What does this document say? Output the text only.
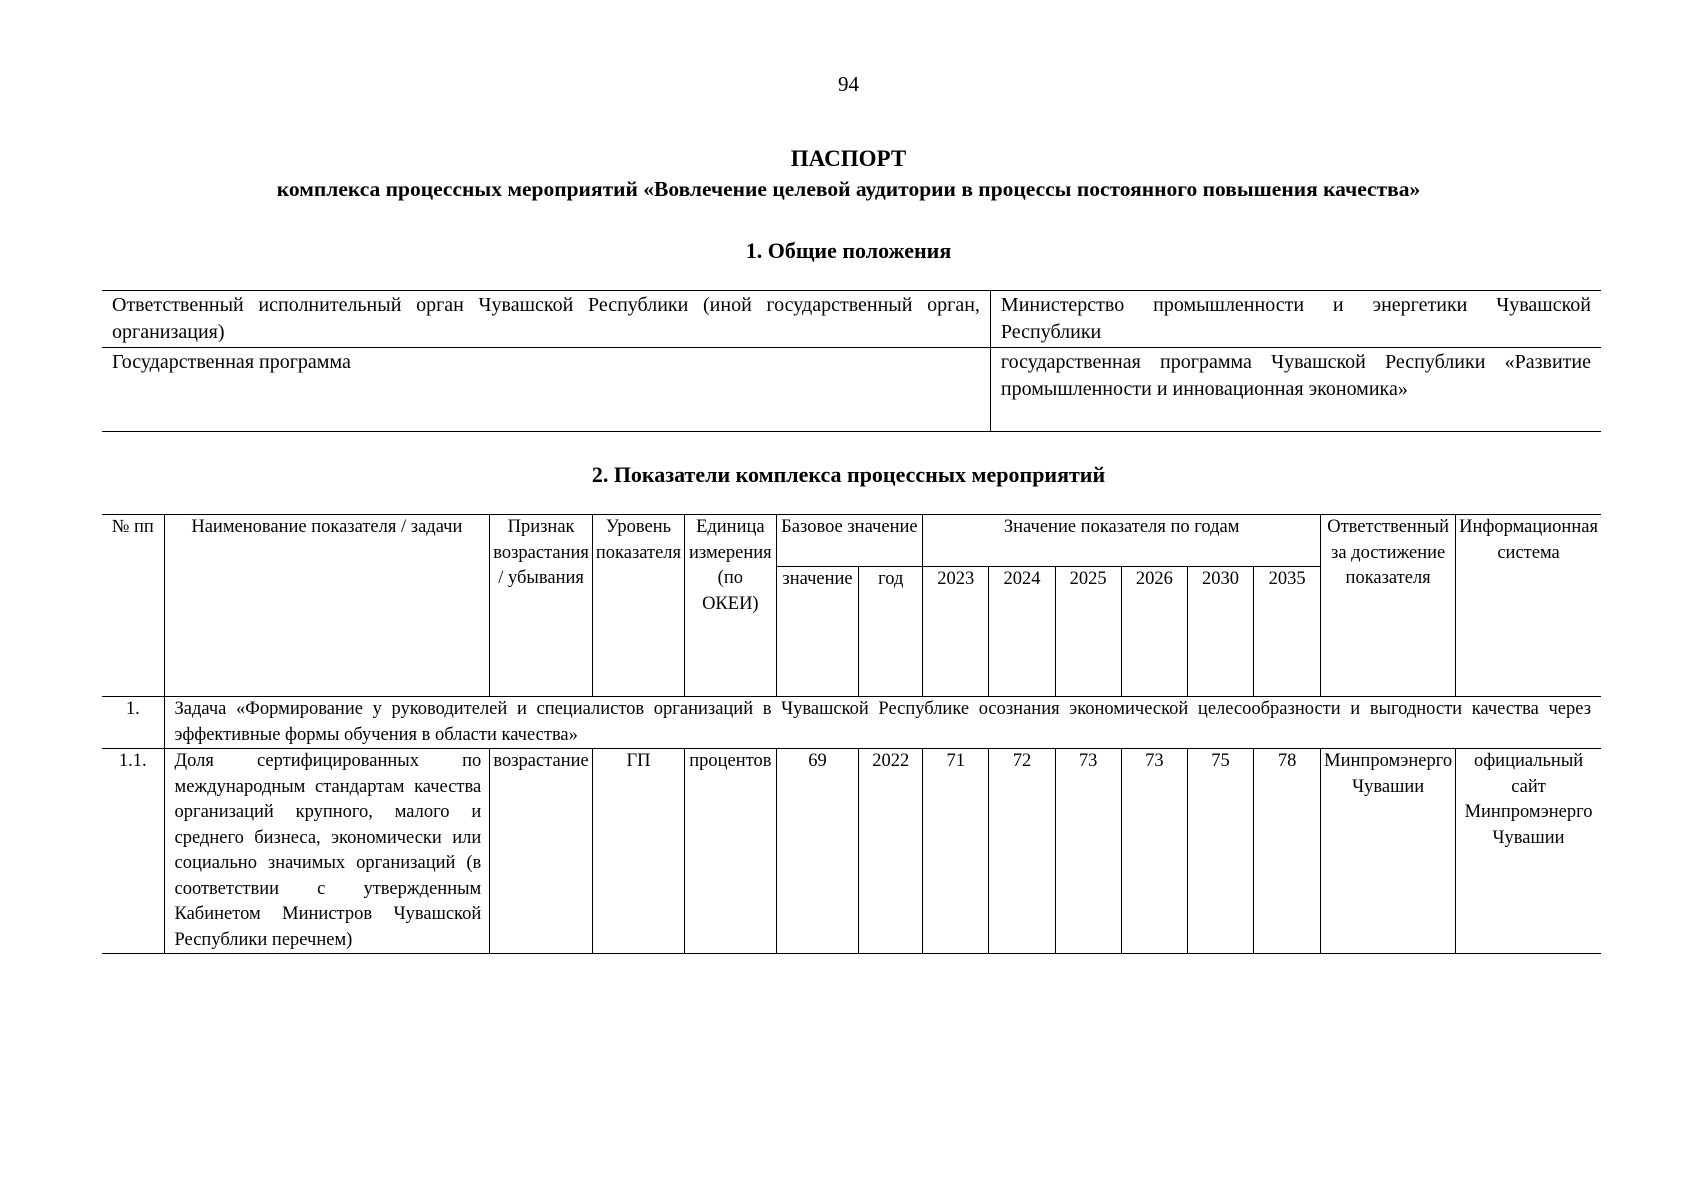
94
ПАСПОРТ
комплекса процессных мероприятий «Вовлечение целевой аудитории в процессы постоянного повышения качества»
1. Общие положения
Ответственный исполнительный орган Чувашской Республики (иной государственный орган, организация)	Министерство промышленности и энергетики Чувашской Республики
Государственная программа	государственная программа Чувашской Республики «Развитие промышленности и инновационная экономика»
2. Показатели комплекса процессных мероприятий
№ пп	Наименование показателя / задачи	Признак возрастания / убывания	Уровень показателя	Единица измерения (по ОКЕИ)	Базовое значение		Значение показателя по годам						Ответственный за достижение показателя	Информационная система
					значение	год	2023	2024	2025	2026	2030	2035		
1.	Задача «Формирование у руководителей и специалистов организаций в Чувашской Республике осознания экономической целесообразности и выгодности качества через эффективные формы обучения в области качества»													
1.1.	Доля сертифицированных по международным стандартам качества организаций крупного, малого и среднего бизнеса, экономически или социально значимых организаций (в соответствии с утвержденным Кабинетом Министров Чувашской Республики перечнем)	возрастание	ГП	процентов	69	2022	71	72	73	73	75	78	Минпромэнерго Чувашии	официальный сайт Минпромэнерго Чувашии
